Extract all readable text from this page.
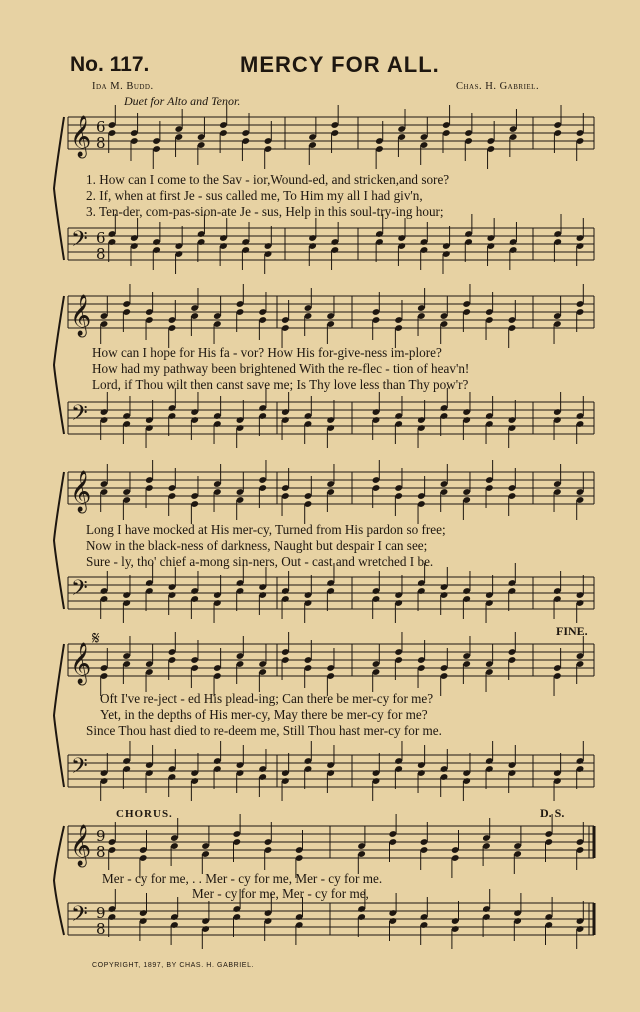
𝄞
𝄢
6
8
6
8
𝄞
𝄢
𝄞
𝄢
𝄞
𝄢
𝄞
𝄢
9
8
9
8
No. 117.	MERCY FOR ALL.
Ida M. Budd.	Chas. H. Gabriel.
Duet for Alto and Tenor.
1. How can I come to the Sav - ior,Wound-ed, and stricken,and sore?
2. If, when at first Je - sus called me, To Him my all I had giv'n,
3. Ten-der, com-pas-sion-ate Je - sus, Help in this soul-try-ing hour;
How can I hope for His fa - vor? How His for-give-ness im-plore?
How had my pathway been brightened With the re-flec - tion of heav'n!
Lord, if Thou wilt then canst save me; Is Thy love less than Thy pow'r?
Long I have mocked at His mer-cy, Turned from His pardon so free;
Now in the black-ness of darkness, Naught but despair I can see;
Sure - ly, tho' chief a-mong sin-ners, Out - cast and wretched I be.
FINE.
𝄋
Oft I've re-ject - ed His plead-ing; Can there be mer-cy for me?
Yet, in the depths of His mer-cy, May there be mer-cy for me?
Since Thou hast died to re-deem me, Still Thou hast mer-cy for me.
CHORUS.	D. S.
Mer - cy for me, . . Mer - cy for me, Mer - cy for me.
Mer - cy for me, Mer - cy for me,
COPYRIGHT, 1897, BY CHAS. H. GABRIEL.
